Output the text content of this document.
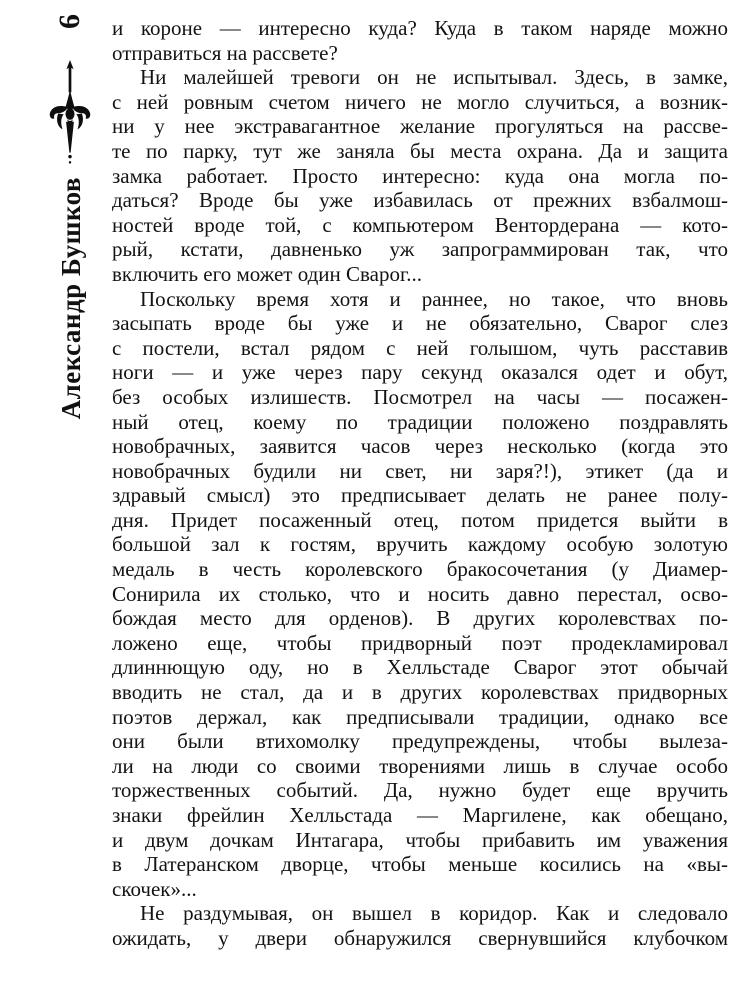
6
Александр Бушков

и короне — интересно куда? Куда в таком наряде можно
отправиться на рассвете?

Ни малейшей тревоги он не испытывал. Здесь, в замке,
с ней ровным счетом ничего не могло случиться, а возник-
ни у нее экстравагантное желание прогуляться на рассве-
те по парку, тут же заняла бы места охрана. Да и защита
замка работает. Просто интересно: куда она могла по-
даться? Вроде бы уже избавилась от прежних взбалмош-
ностей вроде той, с компьютером Вентордерана — кото-
рый, кстати, давненько уж запрограммирован так, что
включить его может один Сварог...

Поскольку время хотя и раннее, но такое, что вновь
засыпать вроде бы уже и не обязательно, Сварог слез
с постели, встал рядом с ней голышом, чуть расставив
ноги — и уже через пару секунд оказался одет и обут,
без особых излишеств. Посмотрел на часы — посажен-
ный отец, коему по традиции положено поздравлять
новобрачных, заявится часов через несколько (когда это
новобрачных будили ни свет, ни заря?!), этикет (да и
здравый смысл) это предписывает делать не ранее полу-
дня. Придет посаженный отец, потом придется выйти в
большой зал к гостям, вручить каждому особую золотую
медаль в честь королевского бракосочетания (у Диамер-
Сонирила их столько, что и носить давно перестал, осво-
бождая место для орденов). В других королевствах по-
ложено еще, чтобы придворный поэт продекламировал
длиннющую оду, но в Хелльстаде Сварог этот обычай
вводить не стал, да и в других королевствах придворных
поэтов держал, как предписывали традиции, однако все
они были втихомолку предупреждены, чтобы вылеза-
ли на люди со своими творениями лишь в случае особо
торжественных событий. Да, нужно будет еще вручить
знаки фрейлин Хелльстада — Маргилене, как обещано,
и двум дочкам Интагара, чтобы прибавить им уважения
в Латеранском дворце, чтобы меньше косились на «вы-
скочек»...

Не раздумывая, он вышел в коридор. Как и следовало
ожидать, у двери обнаружился свернувшийся клубочком
